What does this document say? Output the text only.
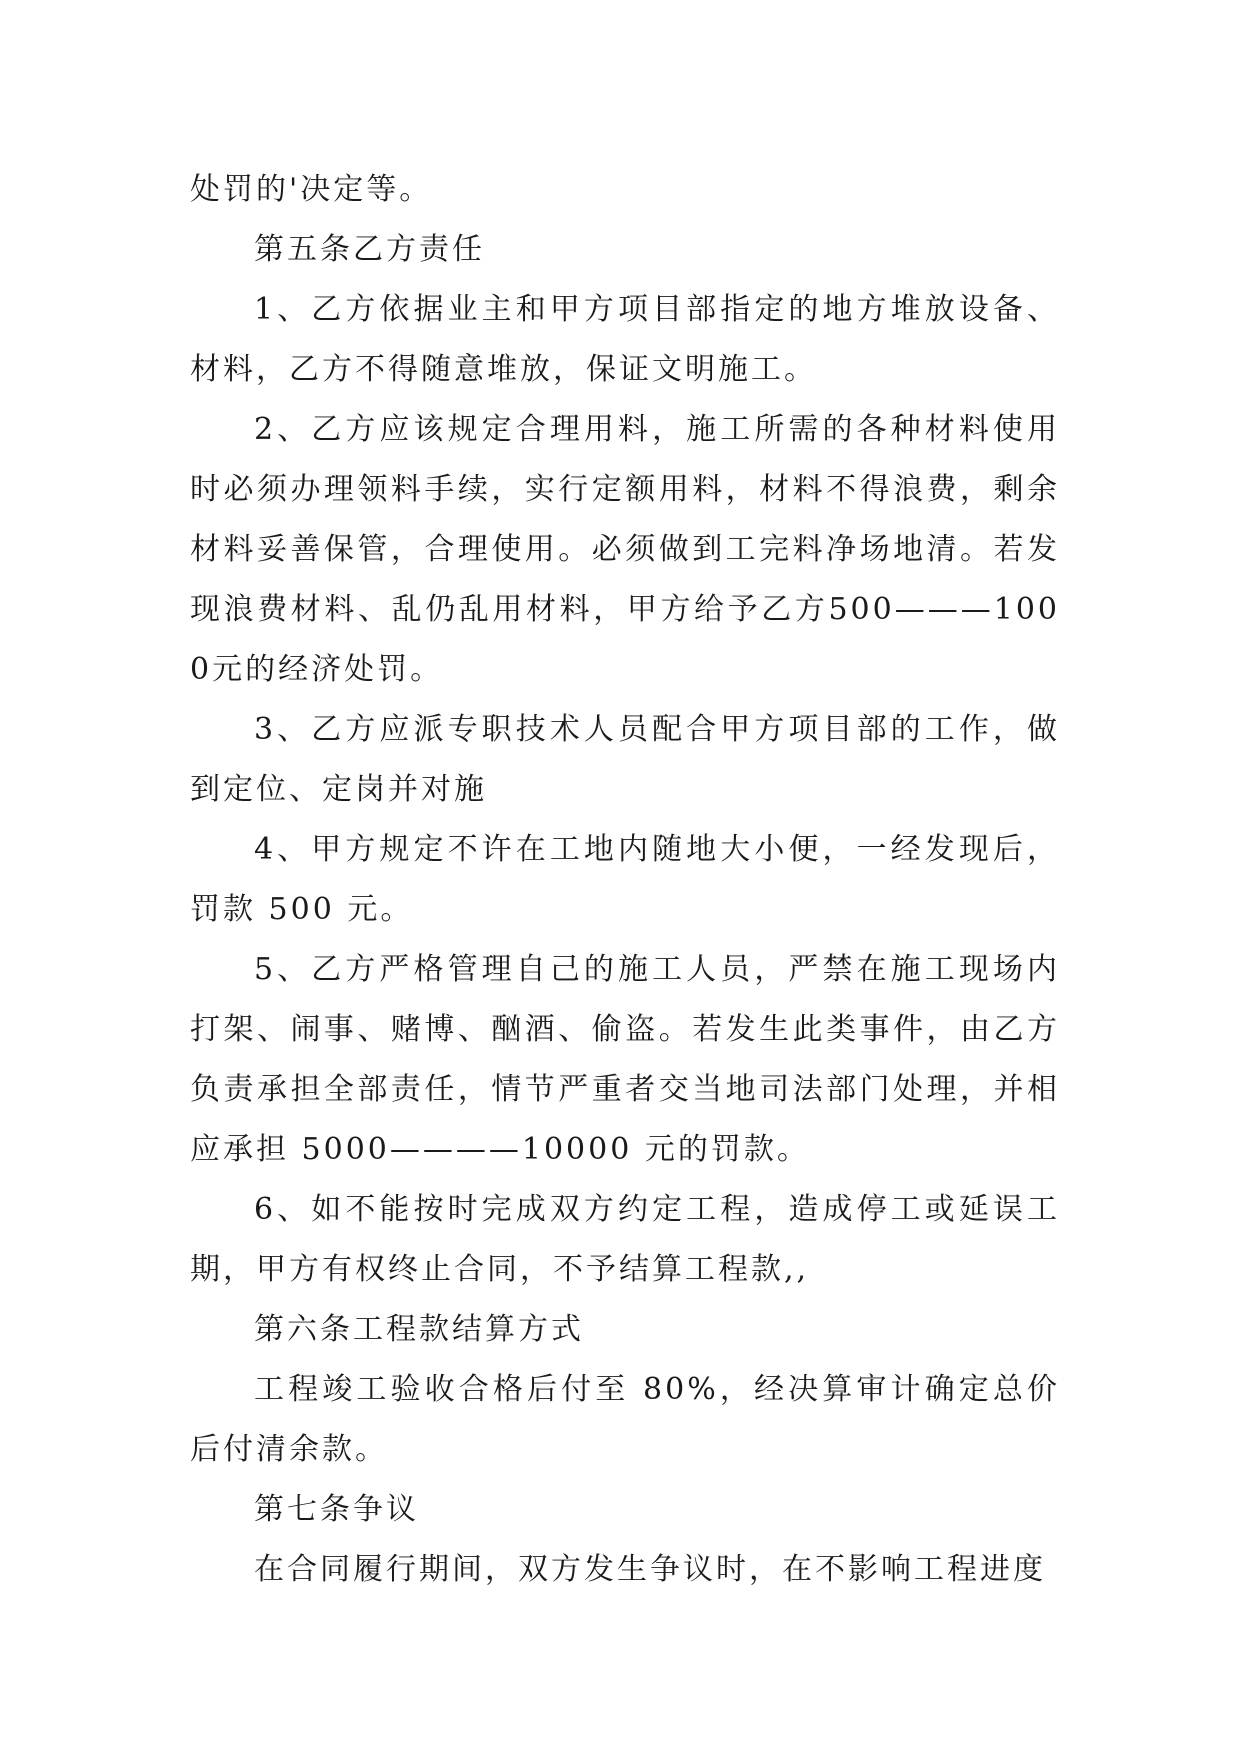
处罚的'决定等。

第五条乙方责任

1、乙方依据业主和甲方项目部指定的地方堆放设备、材料，乙方不得随意堆放，保证文明施工。

2、乙方应该规定合理用料，施工所需的各种材料使用时必须办理领料手续，实行定额用料，材料不得浪费，剩余材料妥善保管，合理使用。必须做到工完料净场地清。若发现浪费材料、乱仍乱用材料，甲方给予乙方500———1000元的经济处罚。

3、乙方应派专职技术人员配合甲方项目部的工作，做到定位、定岗并对施

4、甲方规定不许在工地内随地大小便，一经发现后，罚款 500 元。

5、乙方严格管理自己的施工人员，严禁在施工现场内打架、闹事、赌博、酗酒、偷盗。若发生此类事件，由乙方负责承担全部责任，情节严重者交当地司法部门处理，并相应承担 5000————10000 元的罚款。

6、如不能按时完成双方约定工程，造成停工或延误工期，甲方有权终止合同，不予结算工程款,,

第六条工程款结算方式

工程竣工验收合格后付至 80%，经决算审计确定总价后付清余款。

第七条争议

在合同履行期间，双方发生争议时，在不影响工程进度
